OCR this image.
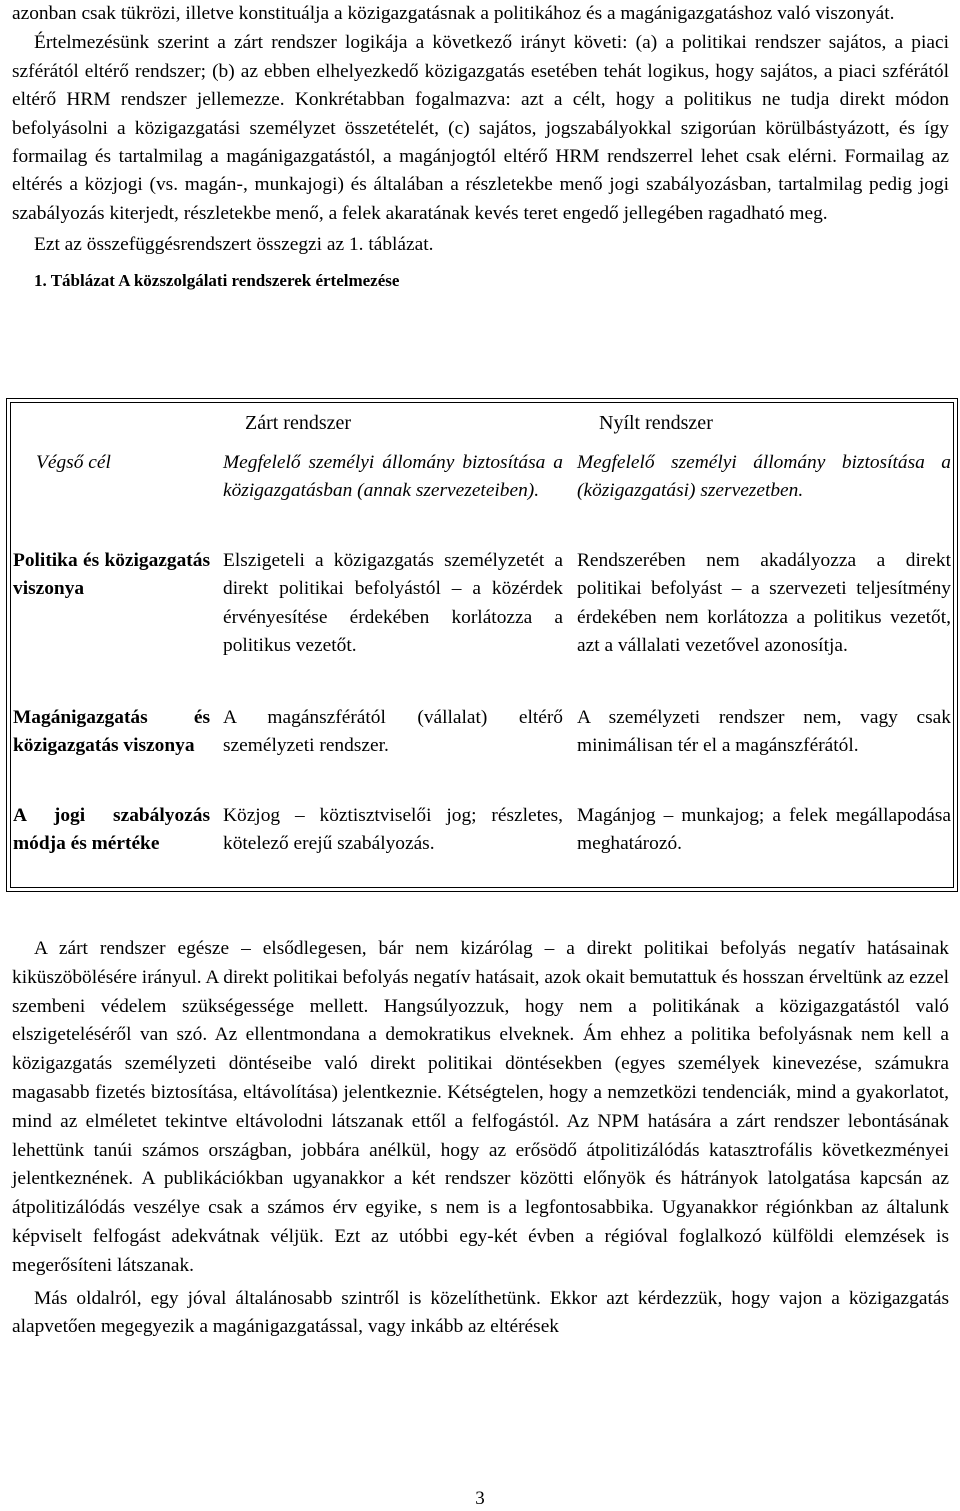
azonban csak tükrözi, illetve konstituálja a közigazgatásnak a politikához és a magánigazgatáshoz való viszonyát.

Értelmezésünk szerint a zárt rendszer logikája a következő irányt követi: (a) a politikai rendszer sajátos, a piaci szférától eltérő rendszer; (b) az ebben elhelyezkedő közigazgatás esetében tehát logikus, hogy sajátos, a piaci szférától eltérő HRM rendszer jellemezze. Konkrétabban fogalmazva: azt a célt, hogy a politikus ne tudja direkt módon befolyásolni a közigazgatási személyzet összetételét, (c) sajátos, jogszabályokkal szigorúan körülbástyázott, és így formailag és tartalmilag a magánigazgatástól, a magánjogtól eltérő HRM rendszerrel lehet csak elérni. Formailag az eltérés a közjogi (vs. magán-, munkajogi) és általában a részletekbe menő jogi szabályozásban, tartalmilag pedig jogi szabályozás kiterjedt, részletekbe menő, a felek akaratának kevés teret engedő jellegében ragadható meg.

Ezt az összefüggésrendszert összegzi az 1. táblázat.

1. Táblázat A közszolgálati rendszerek értelmezése

Zárt rendszer	Nyílt rendszer
Végső cél	Megfelelő személyi állomány biztosítása a közigazgatásban (annak szervezeteiben).
Megfelelő személyi állomány biztosítása a (közigazgatási) szervezetben.
Politika és közigazgatás viszonya
Elszigeteli a közigazgatás személyzetét a direkt politikai befolyástól – a közérdek érvényesítése érdekében korlátozza a politikus vezetőt.
Rendszerében nem akadályozza a direkt politikai befolyást – a szervezeti teljesítmény érdekében nem korlátozza a politikus vezetőt, azt a vállalati vezetővel azonosítja.
Magánigazgatás és közigazgatás viszonya
A magánszférától (vállalat) eltérő személyzeti rendszer.
A személyzeti rendszer nem, vagy csak minimálisan tér el a magánszférától.
A jogi szabályozás módja és mértéke
Közjog – köztisztviselői jog; részletes, kötelező erejű szabályozás.
Magánjog – munkajog; a felek megállapodása meghatározó.

A zárt rendszer egésze – elsődlegesen, bár nem kizárólag – a direkt politikai befolyás negatív hatásainak kiküszöbölésére irányul. A direkt politikai befolyás negatív hatásait, azok okait bemutattuk és hosszan érveltünk az ezzel szembeni védelem szükségessége mellett. Hangsúlyozzuk, hogy nem a politikának a közigazgatástól való elszigeteléséről van szó. Az ellentmondana a demokratikus elveknek. Ám ehhez a politika befolyásnak nem kell a közigazgatás személyzeti döntéseibe való direkt politikai döntésekben (egyes személyek kinevezése, számukra magasabb fizetés biztosítása, eltávolítása) jelentkeznie. Kétségtelen, hogy a nemzetközi tendenciák, mind a gyakorlatot, mind az elméletet tekintve eltávolodni látszanak ettől a felfogástól. Az NPM hatására a zárt rendszer lebontásának lehettünk tanúi számos országban, jobbára anélkül, hogy az erősödő átpolitizálódás katasztrofális következményei jelentkeznének. A publikációkban ugyanakkor a két rendszer közötti előnyök és hátrányok latolgatása kapcsán az átpolitizálódás veszélye csak a számos érv egyike, s nem is a legfontosabbika. Ugyanakkor régiónkban az általunk képviselt felfogást adekvátnak véljük. Ezt az utóbbi egy-két évben a régióval foglalkozó külföldi elemzések is megerősíteni látszanak.

Más oldalról, egy jóval általánosabb szintről is közelíthetünk. Ekkor azt kérdezzük, hogy vajon a közigazgatás alapvetően megegyezik a magánigazgatással, vagy inkább az eltérések

3
